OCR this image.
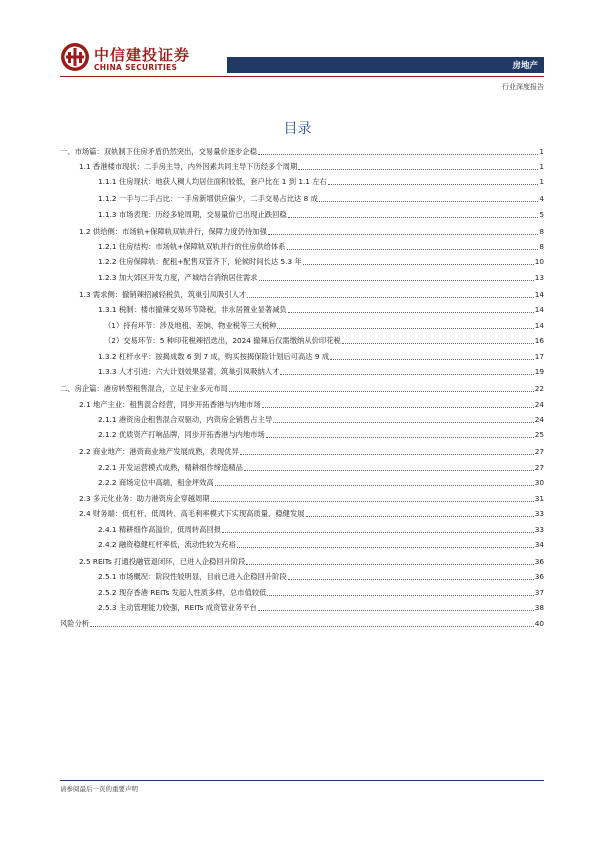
中信建投证券
CHINA SECURITIES	房地产
行业深度报告
目录
一、市场篇：双轨制下住房矛盾仍然突出，交易量价逐步企稳	1
1.1 香港楼市现状：二手房主导，内外因素共同主导下历经多个周期	1
1.1.1 住房现状：地获人稠人均居住面积较低，套户比在 1 到 1.1 左右	1
1.1.2 一手与二手占比：一手房新增供应偏少，二手交易占比达 8 成	4
1.1.3 市场表现：历经多轮周期，交易量价已出现止跌回稳	5
1.2 供给侧：市场轨+保障轨双轨并行，保障力度仍待加强	8
1.2.1 住房结构：市场轨+保障轨双轨并行的住房供给体系	8
1.2.2 住房保障轨：配租+配售双管齐下，轮候时间长达 5.3 年	10
1.2.3 加大郊区开发力度，产城结合消纳居住需求	13
1.3 需求侧：撤销辣招减轻税负，筑巢引凤吸引人才	14
1.3.1 税制：楼市撤辣交易环节降税，非永居置业显著减负	14
（1）持有环节：涉及地租、差饷、物业税等三大税种	14
（2）交易环节：5 种印花税辣招迭出，2024 撤辣后仅需缴纳从价印花税	16
1.3.2 杠杆水平：按揭成数 6 到 7 成，购买按揭保险计划后可高达 9 成	17
1.3.3 人才引进：六大计划效果显著，筑巢引凤吸纳人才	19
二、房企篇：港房转型租售混合，立足主业多元布局	22
2.1 地产主业：租售混合经营，同步开拓香港与内地市场	24
2.1.1 港资房企租售混合双驱动，内资房企销售占主导	24
2.1.2 优质资产打响品牌，同步开拓香港与内地市场	25
2.2 商业地产：港资商业地产发展成熟，表现优异	27
2.2.1 开发运营模式成熟，精耕细作缔造精品	27
2.2.2 商场定位中高端，租金坪效高	30
2.3 多元化业务：助力港资房企穿越周期	31
2.4 财务端：低杠杆、低周转、高毛利率模式下实现高质量、稳健发展	33
2.4.1 精耕细作高溢价，低周转高回报	33
2.4.2 融资稳健杠杆率低，流动性较为充裕	34
2.5 REITs 打通投融管退闭环，已进入企稳回升阶段	36
2.5.1 市场概况：阶段性较明显，目前已进入企稳回升阶段	36
2.5.2 现存香港 REITs 发起人性质多样，总市值较低	37
2.5.3 主动管理能力较强，REITs 成资管业务平台	38
风险分析	40
请参阅最后一页的重要声明
